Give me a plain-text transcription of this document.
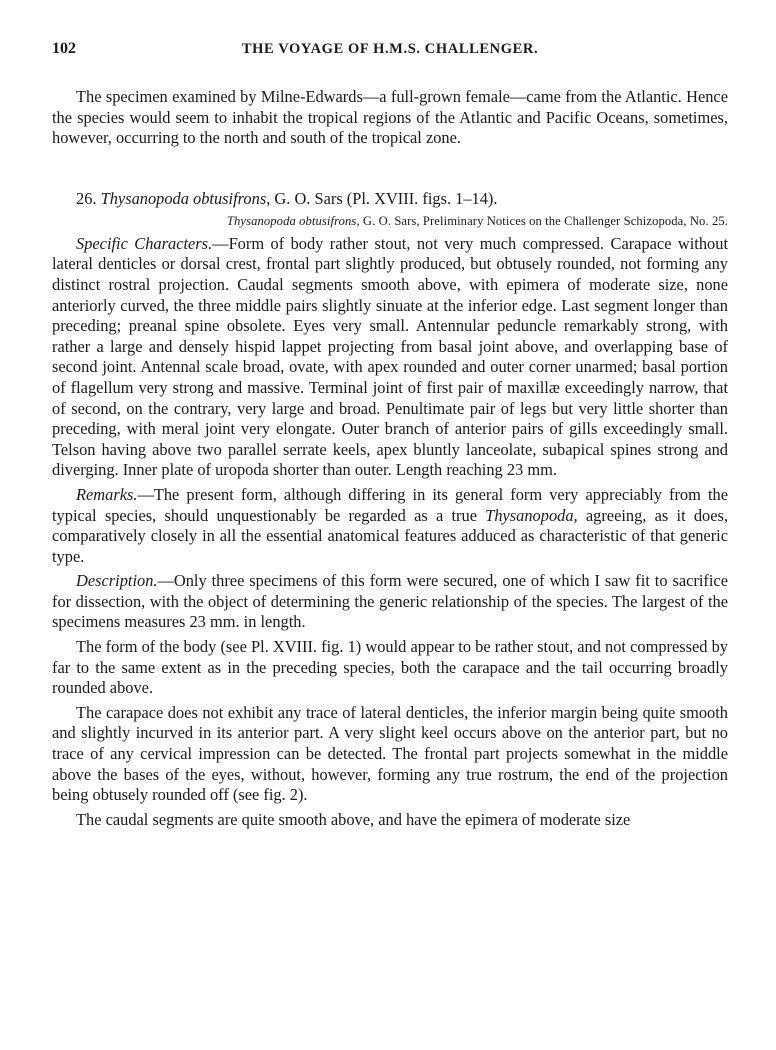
102	THE VOYAGE OF H.M.S. CHALLENGER.

The specimen examined by Milne-Edwards—a full-grown female—came from the Atlantic. Hence the species would seem to inhabit the tropical regions of the Atlantic and Pacific Oceans, sometimes, however, occurring to the north and south of the tropical zone.

26. Thysanopoda obtusifrons, G. O. Sars (Pl. XVIII. figs. 1–14).

Thysanopoda obtusifrons, G. O. Sars, Preliminary Notices on the Challenger Schizopoda, No. 25.

Specific Characters.—Form of body rather stout, not very much compressed. Carapace without lateral denticles or dorsal crest, frontal part slightly produced, but obtusely rounded, not forming any distinct rostral projection. Caudal segments smooth above, with epimera of moderate size, none anteriorly curved, the three middle pairs slightly sinuate at the inferior edge. Last segment longer than preceding; preanal spine obsolete. Eyes very small. Antennular peduncle remarkably strong, with rather a large and densely hispid lappet projecting from basal joint above, and overlapping base of second joint. Antennal scale broad, ovate, with apex rounded and outer corner unarmed; basal portion of flagellum very strong and massive. Terminal joint of first pair of maxillæ exceedingly narrow, that of second, on the contrary, very large and broad. Penultimate pair of legs but very little shorter than preceding, with meral joint very elongate. Outer branch of anterior pairs of gills exceedingly small. Telson having above two parallel serrate keels, apex bluntly lanceolate, subapical spines strong and diverging. Inner plate of uropoda shorter than outer. Length reaching 23 mm.

Remarks.—The present form, although differing in its general form very appreciably from the typical species, should unquestionably be regarded as a true Thysanopoda, agreeing, as it does, comparatively closely in all the essential anatomical features adduced as characteristic of that generic type.

Description.—Only three specimens of this form were secured, one of which I saw fit to sacrifice for dissection, with the object of determining the generic relationship of the species. The largest of the specimens measures 23 mm. in length.

The form of the body (see Pl. XVIII. fig. 1) would appear to be rather stout, and not compressed by far to the same extent as in the preceding species, both the carapace and the tail occurring broadly rounded above.

The carapace does not exhibit any trace of lateral denticles, the inferior margin being quite smooth and slightly incurved in its anterior part. A very slight keel occurs above on the anterior part, but no trace of any cervical impression can be detected. The frontal part projects somewhat in the middle above the bases of the eyes, without, however, forming any true rostrum, the end of the projection being obtusely rounded off (see fig. 2).

The caudal segments are quite smooth above, and have the epimera of moderate size
